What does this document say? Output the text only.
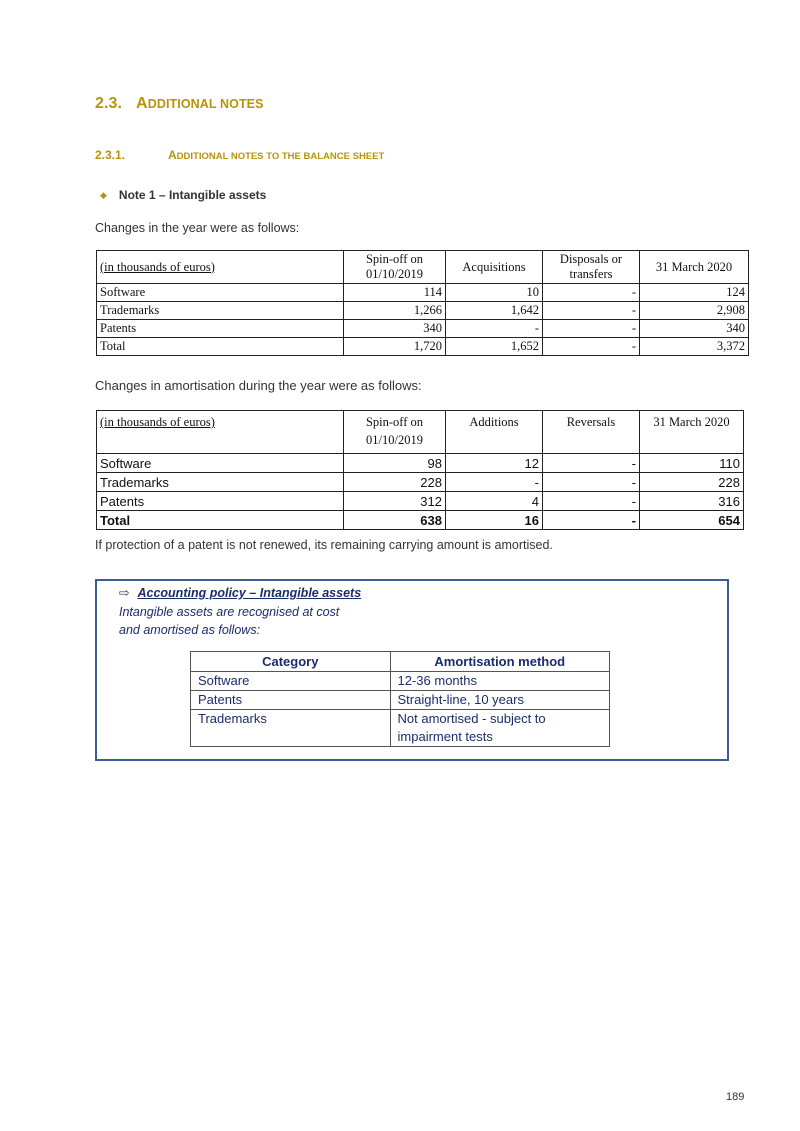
2.3. ADDITIONAL NOTES
2.3.1.	ADDITIONAL NOTES TO THE BALANCE SHEET
◆ Note 1 – Intangible assets
Changes in the year were as follows:
(in thousands of euros)	Spin-off on 01/10/2019	Acquisitions	Disposals or transfers	31 March 2020
Software	114	10	-	124
Trademarks	1,266	1,642	-	2,908
Patents	340	-	-	340
Total	1,720	1,652	-	3,372
Changes in amortisation during the year were as follows:
(in thousands of euros)	Spin-off on 01/10/2019	Additions	Reversals	31 March 2020
Software	98	12	-	110
Trademarks	228	-	-	228
Patents	312	4	-	316
Total	638	16	-	654
If protection of a patent is not renewed, its remaining carrying amount is amortised.
⇨ Accounting policy – Intangible assets
Intangible assets are recognised at cost
and amortised as follows:
Category	Amortisation method
Software	12-36 months
Patents	Straight-line, 10 years
Trademarks	Not amortised - subject to impairment tests
189
